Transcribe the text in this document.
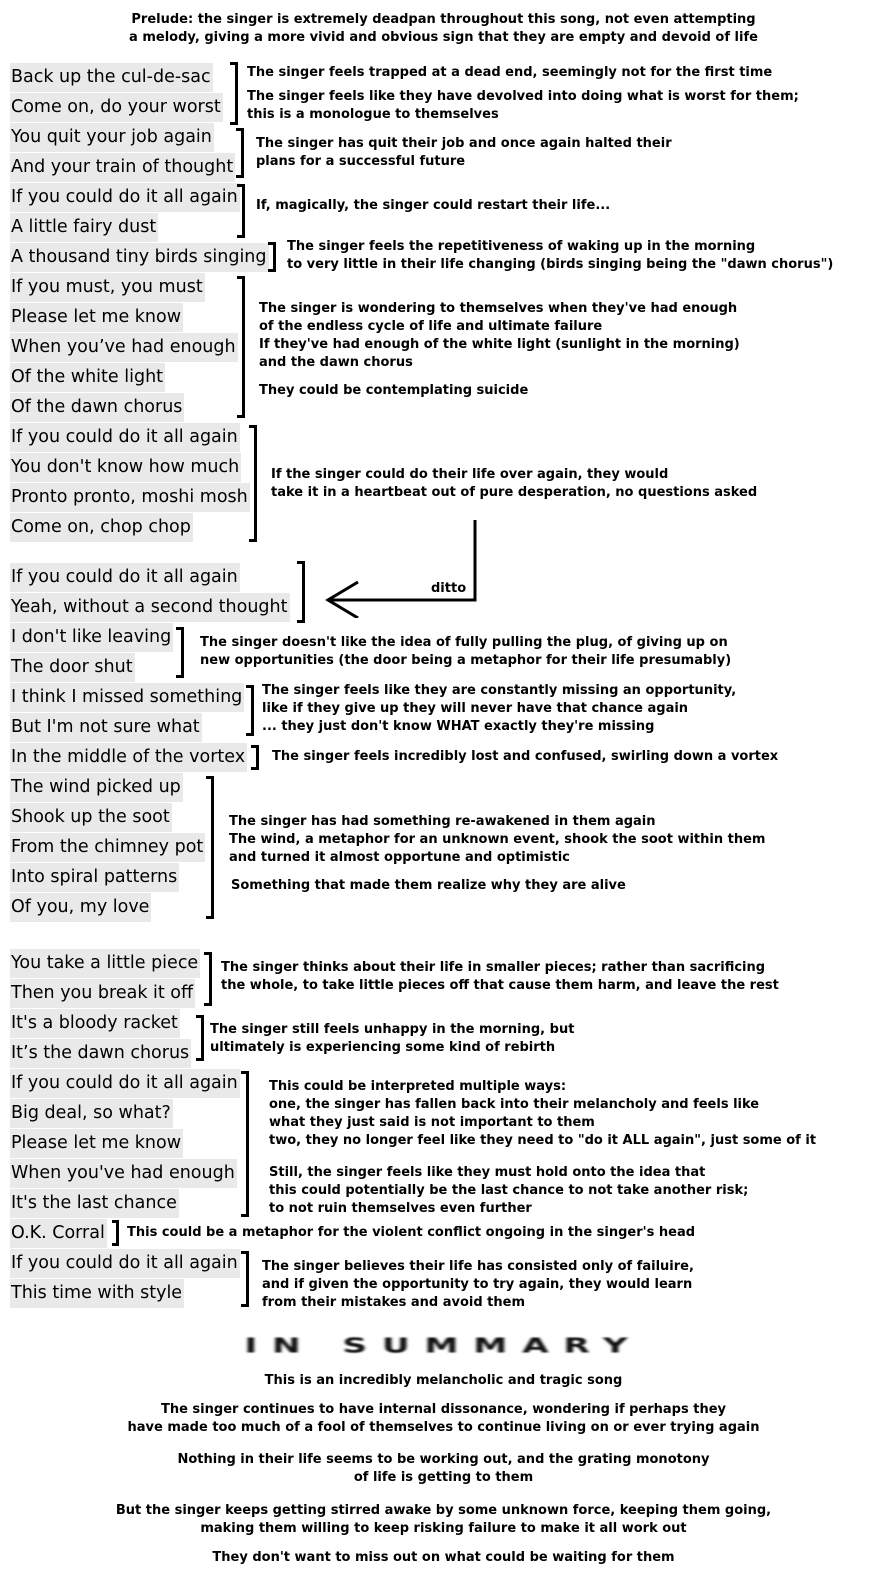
Prelude: the singer is extremely deadpan throughout this song, not even attempting
a melody, giving a more vivid and obvious sign that they are empty and devoid of life
Back up the cul-de-sac
Come on, do your worst
You quit your job again
And your train of thought
If you could do it all again
A little fairy dust
A thousand tiny birds singing
If you must, you must
Please let me know
When you’ve had enough
Of the white light
Of the dawn chorus
If you could do it all again
You don't know how much
Pronto pronto, moshi mosh
Come on, chop chop
If you could do it all again
Yeah, without a second thought
I don't like leaving
The door shut
I think I missed something
But I'm not sure what
In the middle of the vortex
The wind picked up
Shook up the soot
From the chimney pot
Into spiral patterns
Of you, my love
You take a little piece
Then you break it off
It's a bloody racket
It’s the dawn chorus
If you could do it all again
Big deal, so what?
Please let me know
When you've had enough
It's the last chance
O.K. Corral
If you could do it all again
This time with style
The singer feels trapped at a dead end, seemingly not for the first time
The singer feels like they have devolved into doing what is worst for them;
this is a monologue to themselves
The singer has quit their job and once again halted their
plans for a successful future
If, magically, the singer could restart their life...
The singer feels the repetitiveness of waking up in the morning
to very little in their life changing (birds singing being the "dawn chorus")
The singer is wondering to themselves when they've had enough
of the endless cycle of life and ultimate failure
If they've had enough of the white light (sunlight in the morning)
and the dawn chorus
They could be contemplating suicide
If the singer could do their life over again, they would
take it in a heartbeat out of pure desperation, no questions asked
ditto
The singer doesn't like the idea of fully pulling the plug, of giving up on
new opportunities (the door being a metaphor for their life presumably)
The singer feels like they are constantly missing an opportunity,
like if they give up they will never have that chance again
... they just don't know WHAT exactly they're missing
The singer feels incredibly lost and confused, swirling down a vortex
The singer has had something re-awakened in them again
The wind, a metaphor for an unknown event, shook the soot within them
and turned it almost opportune and optimistic
Something that made them realize why they are alive
The singer thinks about their life in smaller pieces; rather than sacrificing
the whole, to take little pieces off that cause them harm, and leave the rest
The singer still feels unhappy in the morning, but
ultimately is experiencing some kind of rebirth
This could be interpreted multiple ways:
one, the singer has fallen back into their melancholy and feels like
what they just said is not important to them
two, they no longer feel like they need to "do it ALL again", just some of it
Still, the singer feels like they must hold onto the idea that
this could potentially be the last chance to not take another risk;
to not ruin themselves even further
This could be a metaphor for the violent conflict ongoing in the singer's head
The singer believes their life has consisted only of failuire,
and if given the opportunity to try again, they would learn
from their mistakes and avoid them
IN SUMMARY
This is an incredibly melancholic and tragic song
The singer continues to have internal dissonance, wondering if perhaps they
have made too much of a fool of themselves to continue living on or ever trying again
Nothing in their life seems to be working out, and the grating monotony
of life is getting to them
But the singer keeps getting stirred awake by some unknown force, keeping them going,
making them willing to keep risking failure to make it all work out
They don't want to miss out on what could be waiting for them
